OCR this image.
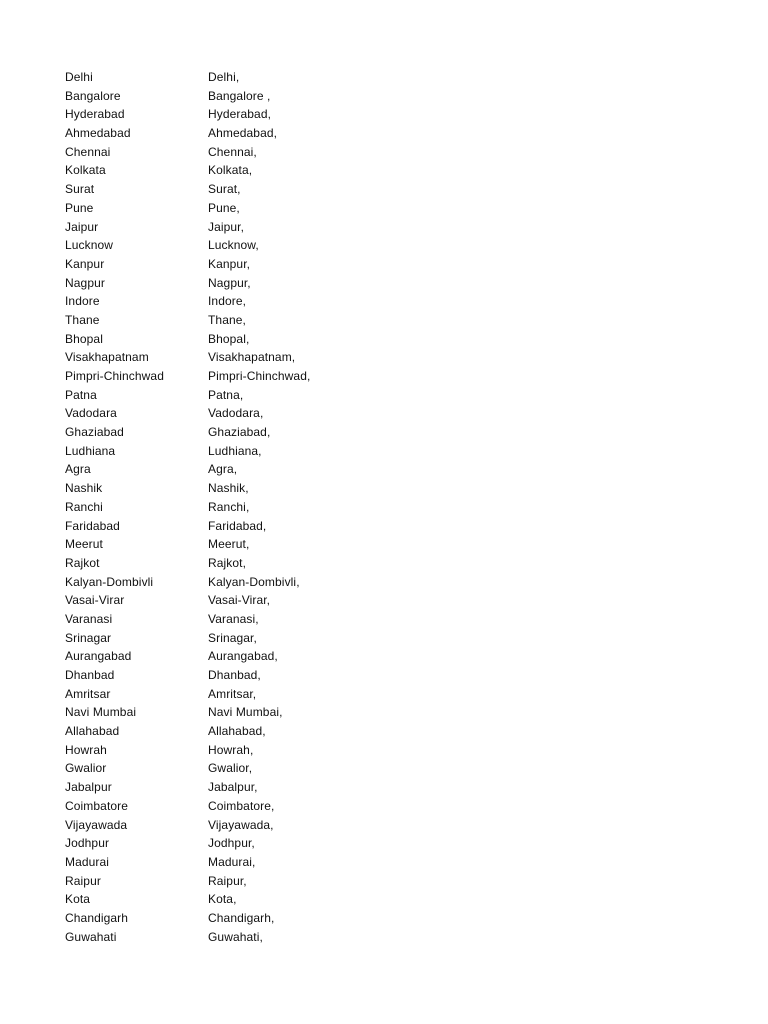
Delhi	Delhi,
Bangalore	Bangalore ,
Hyderabad	Hyderabad,
Ahmedabad	Ahmedabad,
Chennai	Chennai,
Kolkata	Kolkata,
Surat	Surat,
Pune	Pune,
Jaipur	Jaipur,
Lucknow	Lucknow,
Kanpur	Kanpur,
Nagpur	Nagpur,
Indore	Indore,
Thane	Thane,
Bhopal	Bhopal,
Visakhapatnam	Visakhapatnam,
Pimpri-Chinchwad	Pimpri-Chinchwad,
Patna	Patna,
Vadodara	Vadodara,
Ghaziabad	Ghaziabad,
Ludhiana	Ludhiana,
Agra	Agra,
Nashik	Nashik,
Ranchi	Ranchi,
Faridabad	Faridabad,
Meerut	Meerut,
Rajkot	Rajkot,
Kalyan-Dombivli	Kalyan-Dombivli,
Vasai-Virar	Vasai-Virar,
Varanasi	Varanasi,
Srinagar	Srinagar,
Aurangabad	Aurangabad,
Dhanbad	Dhanbad,
Amritsar	Amritsar,
Navi Mumbai	Navi Mumbai,
Allahabad	Allahabad,
Howrah	Howrah,
Gwalior	Gwalior,
Jabalpur	Jabalpur,
Coimbatore	Coimbatore,
Vijayawada	Vijayawada,
Jodhpur	Jodhpur,
Madurai	Madurai,
Raipur	Raipur,
Kota	Kota,
Chandigarh	Chandigarh,
Guwahati	Guwahati,
